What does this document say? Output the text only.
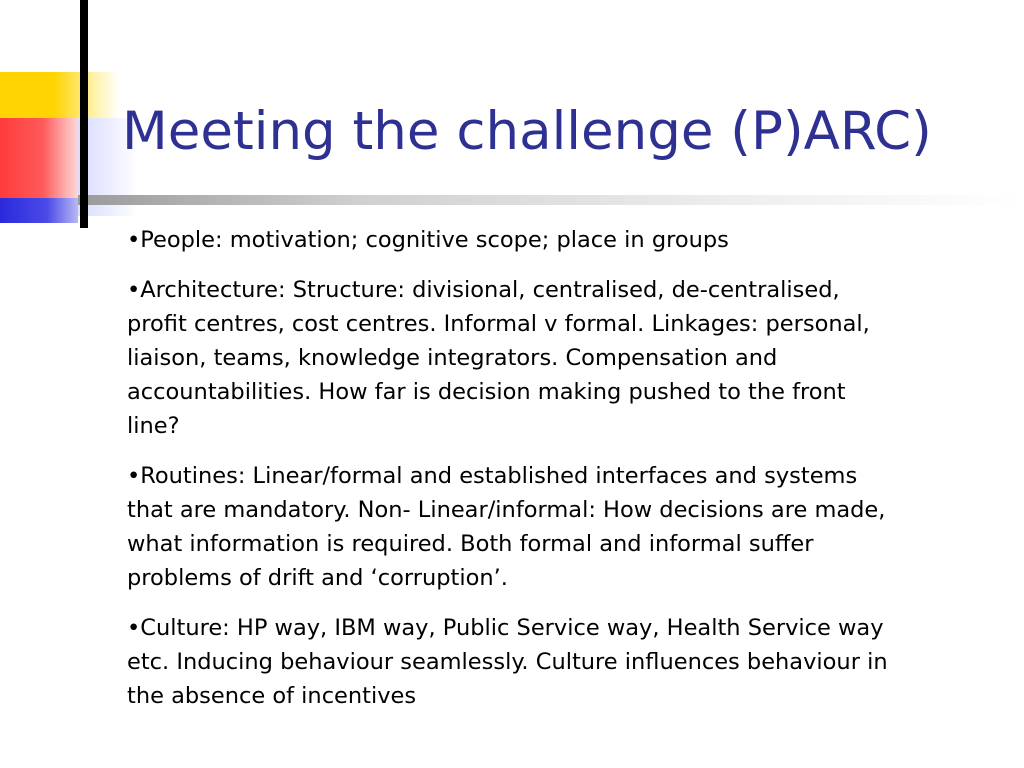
Meeting the challenge (P)ARC)

•People: motivation; cognitive scope; place in groups

•Architecture: Structure: divisional, centralised, de-centralised, profit centres, cost centres. Informal v formal. Linkages: personal, liaison, teams, knowledge integrators. Compensation and accountabilities. How far is decision making pushed to the front line?

•Routines: Linear/formal and established interfaces and systems that are mandatory. Non- Linear/informal: How decisions are made, what information is required. Both formal and informal suffer problems of drift and ‘corruption’.

•Culture: HP way, IBM way, Public Service way, Health Service way etc. Inducing behaviour seamlessly. Culture influences behaviour in the absence of incentives
